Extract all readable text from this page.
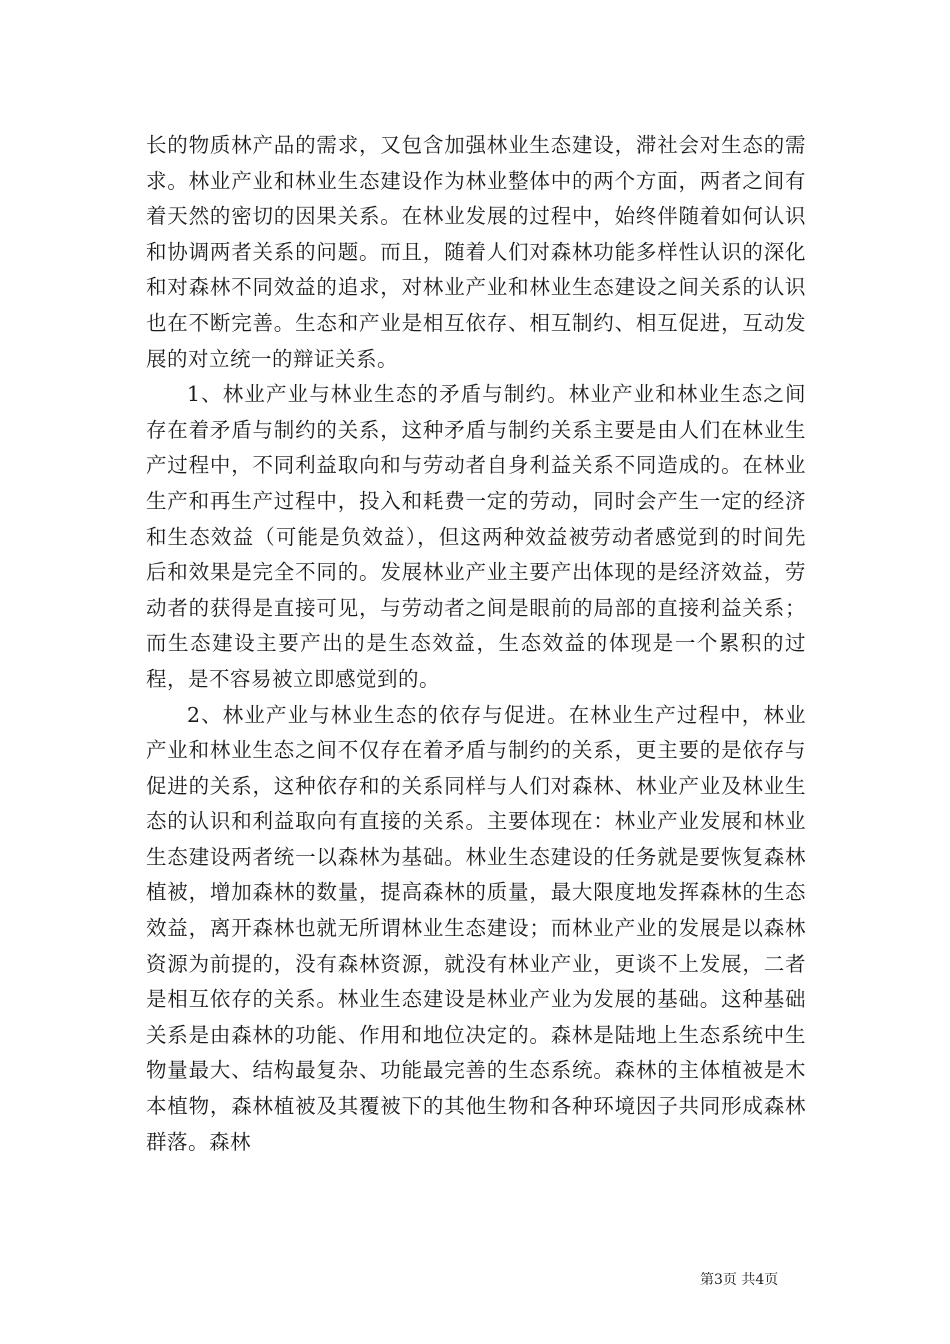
长的物质林产品的需求，又包含加强林业生态建设，滞社会对生态的需求。林业产业和林业生态建设作为林业整体中的两个方面，两者之间有着天然的密切的因果关系。在林业发展的过程中，始终伴随着如何认识和协调两者关系的问题。而且，随着人们对森林功能多样性认识的深化和对森林不同效益的追求，对林业产业和林业生态建设之间关系的认识也在不断完善。生态和产业是相互依存、相互制约、相互促进，互动发展的对立统一的辩证关系。

1、林业产业与林业生态的矛盾与制约。林业产业和林业生态之间存在着矛盾与制约的关系，这种矛盾与制约关系主要是由人们在林业生产过程中，不同利益取向和与劳动者自身利益关系不同造成的。在林业生产和再生产过程中，投入和耗费一定的劳动，同时会产生一定的经济和生态效益（可能是负效益），但这两种效益被劳动者感觉到的时间先后和效果是完全不同的。发展林业产业主要产出体现的是经济效益，劳动者的获得是直接可见，与劳动者之间是眼前的局部的直接利益关系；而生态建设主要产出的是生态效益，生态效益的体现是一个累积的过程，是不容易被立即感觉到的。

2、林业产业与林业生态的依存与促进。在林业生产过程中，林业产业和林业生态之间不仅存在着矛盾与制约的关系，更主要的是依存与促进的关系，这种依存和的关系同样与人们对森林、林业产业及林业生态的认识和利益取向有直接的关系。主要体现在：林业产业发展和林业生态建设两者统一以森林为基础。林业生态建设的任务就是要恢复森林植被，增加森林的数量，提高森林的质量，最大限度地发挥森林的生态效益，离开森林也就无所谓林业生态建设；而林业产业的发展是以森林资源为前提的，没有森林资源，就没有林业产业，更谈不上发展，二者是相互依存的关系。林业生态建设是林业产业为发展的基础。这种基础关系是由森林的功能、作用和地位决定的。森林是陆地上生态系统中生物量最大、结构最复杂、功能最完善的生态系统。森林的主体植被是木本植物，森林植被及其覆被下的其他生物和各种环境因子共同形成森林群落。森林

第3页 共4页
